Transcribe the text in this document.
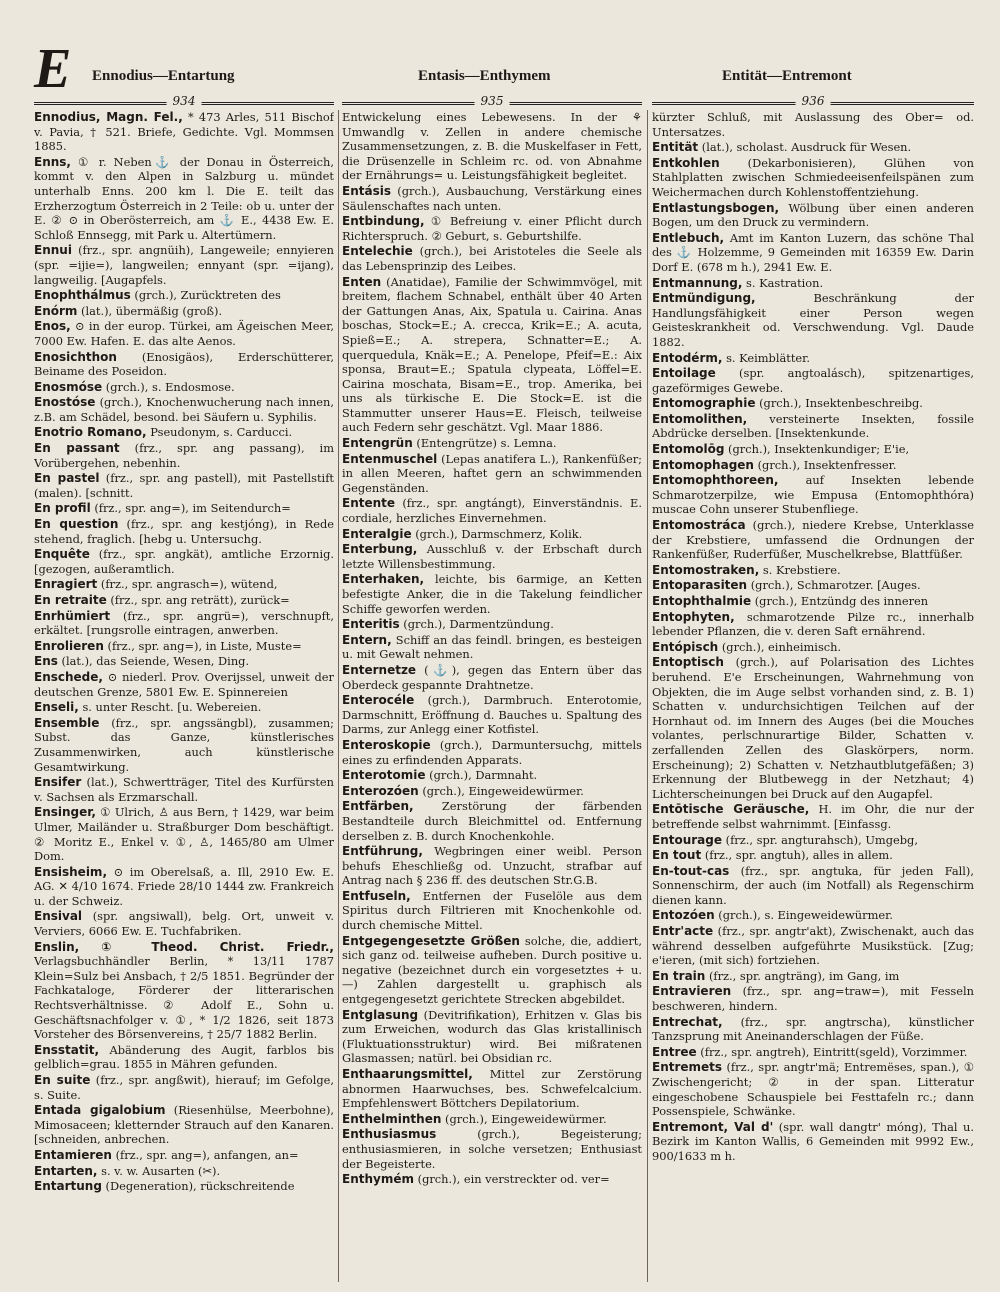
E Ennodius—Entartung	Entasis—Enthymem	Entität—Entremont
934	935	936
Ennodius, Magn. Fel., * 473 Arles, 511 Bischof v. Pavia, † 521. Briefe, Gedichte. Vgl. Mommsen 1885.
Enns, ① r. Neben⚓ der Donau in Österreich, kommt v. den Alpen in Salzburg u. mündet unterhalb Enns. 200 km l. Die E. teilt das Erzherzogtum Österreich in 2 Teile: ob u. unter der E. ② ⊙ in Oberösterreich, am ⚓ E., 4438 Ew. E. Schloß Ennsegg, mit Park u. Altertümern.
Ennui (frz., spr. angnüih), Langeweile; ennyieren (spr. =ijie=), langweilen; ennyant (spr. =ijang), langweilig. [Augapfels.
Enophthálmus (grch.), Zurücktreten des
Enórm (lat.), übermäßig (groß).
Enos, ⊙ in der europ. Türkei, am Ägeischen Meer, 7000 Ew. Hafen. E. das alte Aenos.
Enosichthon (Enosigäos), Erderschütterer, Beiname des Poseidon.
Enosmóse (grch.), s. Endosmose.
Enostóse (grch.), Knochenwucherung nach innen, z.B. am Schädel, besond. bei Säufern u. Syphilis.
Enotrio Romano, Pseudonym, s. Carducci.
En passant (frz., spr. ang passang), im Vorübergehen, nebenhin.
En pastel (frz., spr. ang pastell), mit Pastellstift (malen). [schnitt.
En profil (frz., spr. ang=), im Seitendurch=
En question (frz., spr. ang kestjóng), in Rede stehend, fraglich. [hebg u. Untersuchg.
Enquête (frz., spr. angkät), amtliche Erzornig. [gezogen, außeramtlich.
Enragiert (frz., spr. angrasch=), wütend,
En retraite (frz., spr. ang reträtt), zurück=
Enrhümiert (frz., spr. angrü=), verschnupft, erkältet. [rungsrolle eintragen, anwerben.
Enrolieren (frz., spr. ang=), in Liste, Muste=
Ens (lat.), das Seiende, Wesen, Ding.
Enschede, ⊙ niederl. Prov. Overijssel, unweit der deutschen Grenze, 5801 Ew. E. Spinnereien
Enseli, s. unter Rescht. [u. Webereien.
Ensemble (frz., spr. angssängbl), zusammen; Subst. das Ganze, künstlerisches Zusammenwirken, auch künstlerische Gesamtwirkung.
Ensifer (lat.), Schwertträger, Titel des Kurfürsten v. Sachsen als Erzmarschall.
Ensinger, ① Ulrich, ♙ aus Bern, † 1429, war beim Ulmer, Mailänder u. Straßburger Dom beschäftigt. ② Moritz E., Enkel v. ①, ♙, 1465/80 am Ulmer Dom.
Ensisheim, ⊙ im Oberelsaß, a. Ill, 2910 Ew. E. AG. ✕ 4/10 1674. Friede 28/10 1444 zw. Frankreich u. der Schweiz.
Ensival (spr. angsiwall), belg. Ort, unweit v. Verviers, 6066 Ew. E. Tuchfabriken.
Enslin, ① Theod. Christ. Friedr., Verlagsbuchhändler Berlin, * 13/11 1787 Klein=Sulz bei Ansbach, † 2/5 1851. Begründer der Fachkataloge, Förderer der litterarischen Rechtsverhältnisse. ② Adolf E., Sohn u. Geschäftsnachfolger v. ①, * 1/2 1826, seit 1873 Vorsteher des Börsenvereins, † 25/7 1882 Berlin.
Ensstatit, Abänderung des Augit, farblos bis gelblich=grau. 1855 in Mähren gefunden.
En suite (frz., spr. angßwit), hierauf; im Gefolge, s. Suite.
Entada gigalobium (Riesenhülse, Meerbohne), Mimosaceen; kletternder Strauch auf den Kanaren. [schneiden, anbrechen.
Entamieren (frz., spr. ang=), anfangen, an=
Entarten, s. v. w. Ausarten (✂).
Entartung (Degeneration), rückschreitende
Entwickelung eines Lebewesens. In der ⚘ Umwandlg v. Zellen in andere chemische Zusammensetzungen, z. B. die Muskelfaser in Fett, die Drüsenzelle in Schleim rc. od. von Abnahme der Ernährungs= u. Leistungsfähigkeit begleitet.
Entásis (grch.), Ausbauchung, Verstärkung eines Säulenschaftes nach unten.
Entbindung, ① Befreiung v. einer Pflicht durch Richterspruch. ② Geburt, s. Geburtshilfe.
Entelechie (grch.), bei Aristoteles die Seele als das Lebensprinzip des Leibes.
Enten (Anatidae), Familie der Schwimmvögel, mit breitem, flachem Schnabel, enthält über 40 Arten der Gattungen Anas, Aix, Spatula u. Cairina. Anas boschas, Stock=E.; A. crecca, Krik=E.; A. acuta, Spieß=E.; A. strepera, Schnatter=E.; A. querquedula, Knäk=E.; A. Penelope, Pfeif=E.: Aix sponsa, Braut=E.; Spatula clypeata, Löffel=E. Cairina moschata, Bisam=E., trop. Amerika, bei uns als türkische E. Die Stock=E. ist die Stammutter unserer Haus=E. Fleisch, teilweise auch Federn sehr geschätzt. Vgl. Maar 1886.
Entengrün (Entengrütze) s. Lemna.
Entenmuschel (Lepas anatifera L.), Rankenfüßer; in allen Meeren, haftet gern an schwimmenden Gegenständen.
Entente (frz., spr. angtángt), Einverständnis. E. cordiale, herzliches Einvernehmen.
Enteralgie (grch.), Darmschmerz, Kolik.
Enterbung, Ausschluß v. der Erbschaft durch letzte Willensbestimmung.
Enterhaken, leichte, bis 6armige, an Ketten befestigte Anker, die in die Takelung feindlicher Schiffe geworfen werden.
Enteritis (grch.), Darmentzündung.
Entern, Schiff an das feindl. bringen, es besteigen u. mit Gewalt nehmen.
Enternetze (⚓), gegen das Entern über das Oberdeck gespannte Drahtnetze.
Enterocéle (grch.), Darmbruch. Enterotomie, Darmschnitt, Eröffnung d. Bauches u. Spaltung des Darms, zur Anlegg einer Kotfistel.
Enteroskopie (grch.), Darmuntersuchg, mittels eines zu erfindenden Apparats.
Enterotomie (grch.), Darmnaht.
Enterozóen (grch.), Eingeweidewürmer.
Entfärben, Zerstörung der färbenden Bestandteile durch Bleichmittel od. Entfernung derselben z. B. durch Knochenkohle.
Entführung, Wegbringen einer weibl. Person behufs Eheschließg od. Unzucht, strafbar auf Antrag nach § 236 ff. des deutschen Str.G.B.
Entfuseln, Entfernen der Fuselöle aus dem Spiritus durch Filtrieren mit Knochenkohle od. durch chemische Mittel.
Entgegengesetzte Größen solche, die, addiert, sich ganz od. teilweise aufheben. Durch positive u. negative (bezeichnet durch ein vorgesetztes + u. —) Zahlen dargestellt u. graphisch als entgegengesetzt gerichtete Strecken abgebildet.
Entglasung (Devitrifikation), Erhitzen v. Glas bis zum Erweichen, wodurch das Glas kristallinisch (Fluktuationsstruktur) wird. Bei mißratenen Glasmassen; natürl. bei Obsidian rc.
Enthaarungsmittel, Mittel zur Zerstörung abnormen Haarwuchses, bes. Schwefelcalcium. Empfehlenswert Böttchers Depilatorium.
Enthelminthen (grch.), Eingeweidewürmer.
Enthusiasmus	(grch.), Begeisterung; enthusiasmieren, in solche versetzen; Enthusiast der Begeisterte.
Enthymém (grch.), ein verstreckter od. ver=
kürzter Schluß, mit Auslassung des Ober= od. Untersatzes.
Entität (lat.), scholast. Ausdruck für Wesen.
Entkohlen (Dekarbonisieren), Glühen von Stahlplatten zwischen Schmiedeeisenfeilspänen zum Weichermachen durch Kohlenstoffentziehung.
Entlastungsbogen, Wölbung über einen anderen Bogen, um den Druck zu vermindern.
Entlebuch, Amt im Kanton Luzern, das schöne Thal des ⚓ Holzemme, 9 Gemeinden mit 16359 Ew. Darin Dorf E. (678 m h.), 2941 Ew. E.
Entmannung, s. Kastration.
Entmündigung,	Beschränkung der Handlungsfähigkeit einer Person wegen Geisteskrankheit od. Verschwendung. Vgl. Daude 1882.
Entodérm, s. Keimblätter.
Entoilage (spr. angtoalásch), spitzenartiges, gazeförmiges Gewebe.
Entomographie (grch.), Insektenbeschreibg.
Entomolithen, versteinerte Insekten, fossile Abdrücke derselben. [Insektenkunde.
Entomolōg (grch.), Insektenkundiger; E'ie,
Entomophagen (grch.), Insektenfresser.
Entomophthoreen, auf Insekten lebende Schmarotzerpilze, wie Empusa (Entomophthóra) muscae Cohn unserer Stubenfliege.
Entomostráca (grch.), niedere Krebse, Unterklasse der Krebstiere, umfassend die Ordnungen der Rankenfüßer, Ruderfüßer, Muschelkrebse, Blattfüßer.
Entomostraken, s. Krebstiere.
Entoparasiten (grch.), Schmarotzer. [Auges.
Entophthalmie (grch.), Entzündg des inneren
Entophyten, schmarotzende Pilze rc., innerhalb lebender Pflanzen, die v. deren Saft ernährend.
Entópisch (grch.), einheimisch.
Entoptisch (grch.), auf Polarisation des Lichtes beruhend. E'e Erscheinungen, Wahrnehmung von Objekten, die im Auge selbst vorhanden sind, z. B. 1) Schatten v. undurchsichtigen Teilchen auf der Hornhaut od. im Innern des Auges (bei die Mouches volantes, perlschnurartige Bilder, Schatten v. zerfallenden Zellen des Glaskörpers, norm. Erscheinung); 2) Schatten v. Netzhautblutgefäßen; 3) Erkennung der Blutbewegg in der Netzhaut; 4) Lichterscheinungen bei Druck auf den Augapfel.
Entōtische Geräusche, H. im Ohr, die nur der betreffende selbst wahrnimmt. [Einfassg.
Entourage (frz., spr. angturahsch), Umgebg,
En tout (frz., spr. angtuh), alles in allem.
En-tout-cas (frz., spr. angtuka, für jeden Fall), Sonnenschirm, der auch (im Notfall) als Regenschirm dienen kann.
Entozóen (grch.), s. Eingeweidewürmer.
Entr'acte (frz., spr. angtr'akt), Zwischenakt, auch das während desselben aufgeführte Musikstück. [Zug; e'ieren, (mit sich) fortziehen.
En train (frz., spr. angträng), im Gang, im
Entravieren (frz., spr. ang=traw=), mit Fesseln beschweren, hindern.
Entrechat, (frz., spr. angtrscha), künstlicher Tanzsprung mit Aneinanderschlagen der Füße.
Entree (frz., spr. angtreh), Eintritt(sgeld), Vorzimmer.
Entremets (frz., spr. angtr'mä; Entremëses, span.), ① Zwischengericht; ② in der span. Litteratur eingeschobene Schauspiele bei Festtafeln rc.; dann Possenspiele, Schwänke.
Entremont, Val d' (spr. wall dangtr' móng), Thal u. Bezirk im Kanton Wallis, 6 Gemeinden mit 9992 Ew., 900/1633 m h.
